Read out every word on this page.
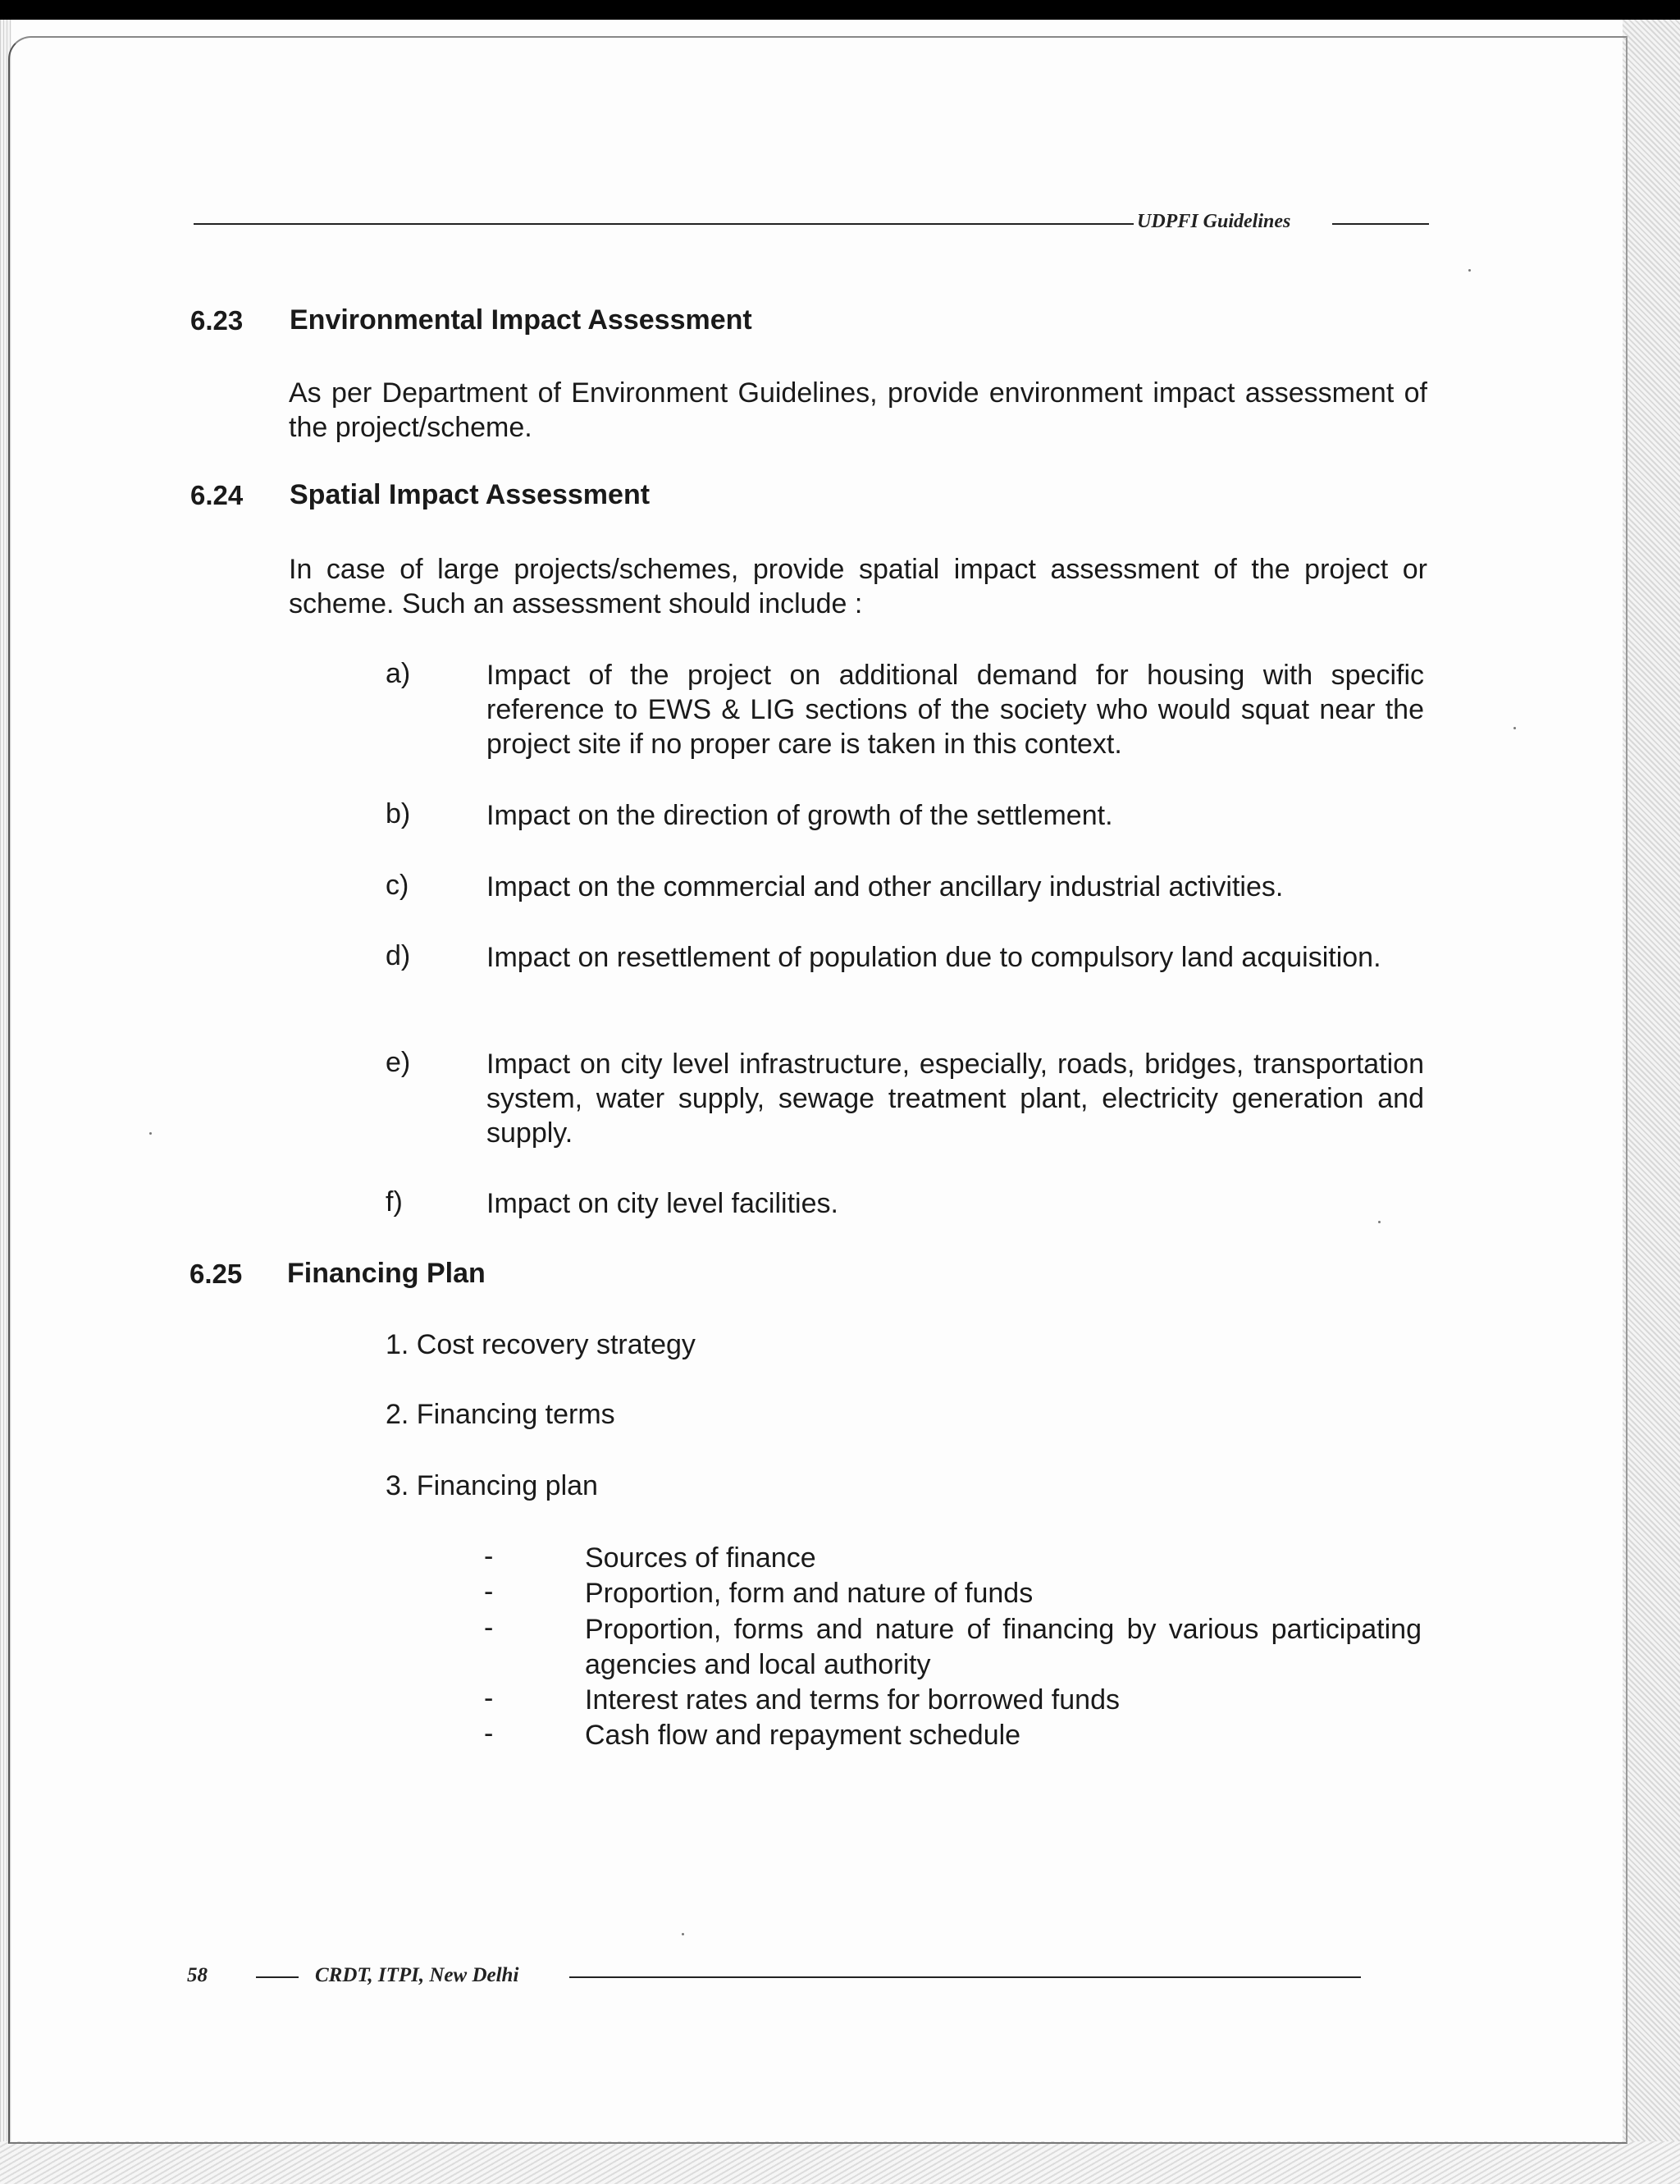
UDPFI Guidelines
6.23 Environmental Impact Assessment
As per Department of Environment Guidelines, provide environment impact assessment of the project/scheme.
6.24 Spatial Impact Assessment
In case of large projects/schemes, provide spatial impact assessment of the project or scheme. Such an assessment should include :
a)	Impact of the project on additional demand for housing with specific reference to EWS & LIG sections of the society who would squat near the project site if no proper care is taken in this context.
b)	Impact on the direction of growth of the settlement.
c)	Impact on the commercial and other ancillary industrial activities.
d)	Impact on resettlement of population due to compulsory land acquisition.
e)	Impact on city level infrastructure, especially, roads, bridges, transportation system, water supply, sewage treatment plant, electricity generation and supply.
f)	Impact on city level facilities.
6.25 Financing Plan
1. Cost recovery strategy
2. Financing terms
3. Financing plan
-	Sources of finance
-	Proportion, form and nature of funds
-	Proportion, forms and nature of financing by various participating agencies and local authority
-	Interest rates and terms for borrowed funds
-	Cash flow and repayment schedule
58	CRDT, ITPI, New Delhi
